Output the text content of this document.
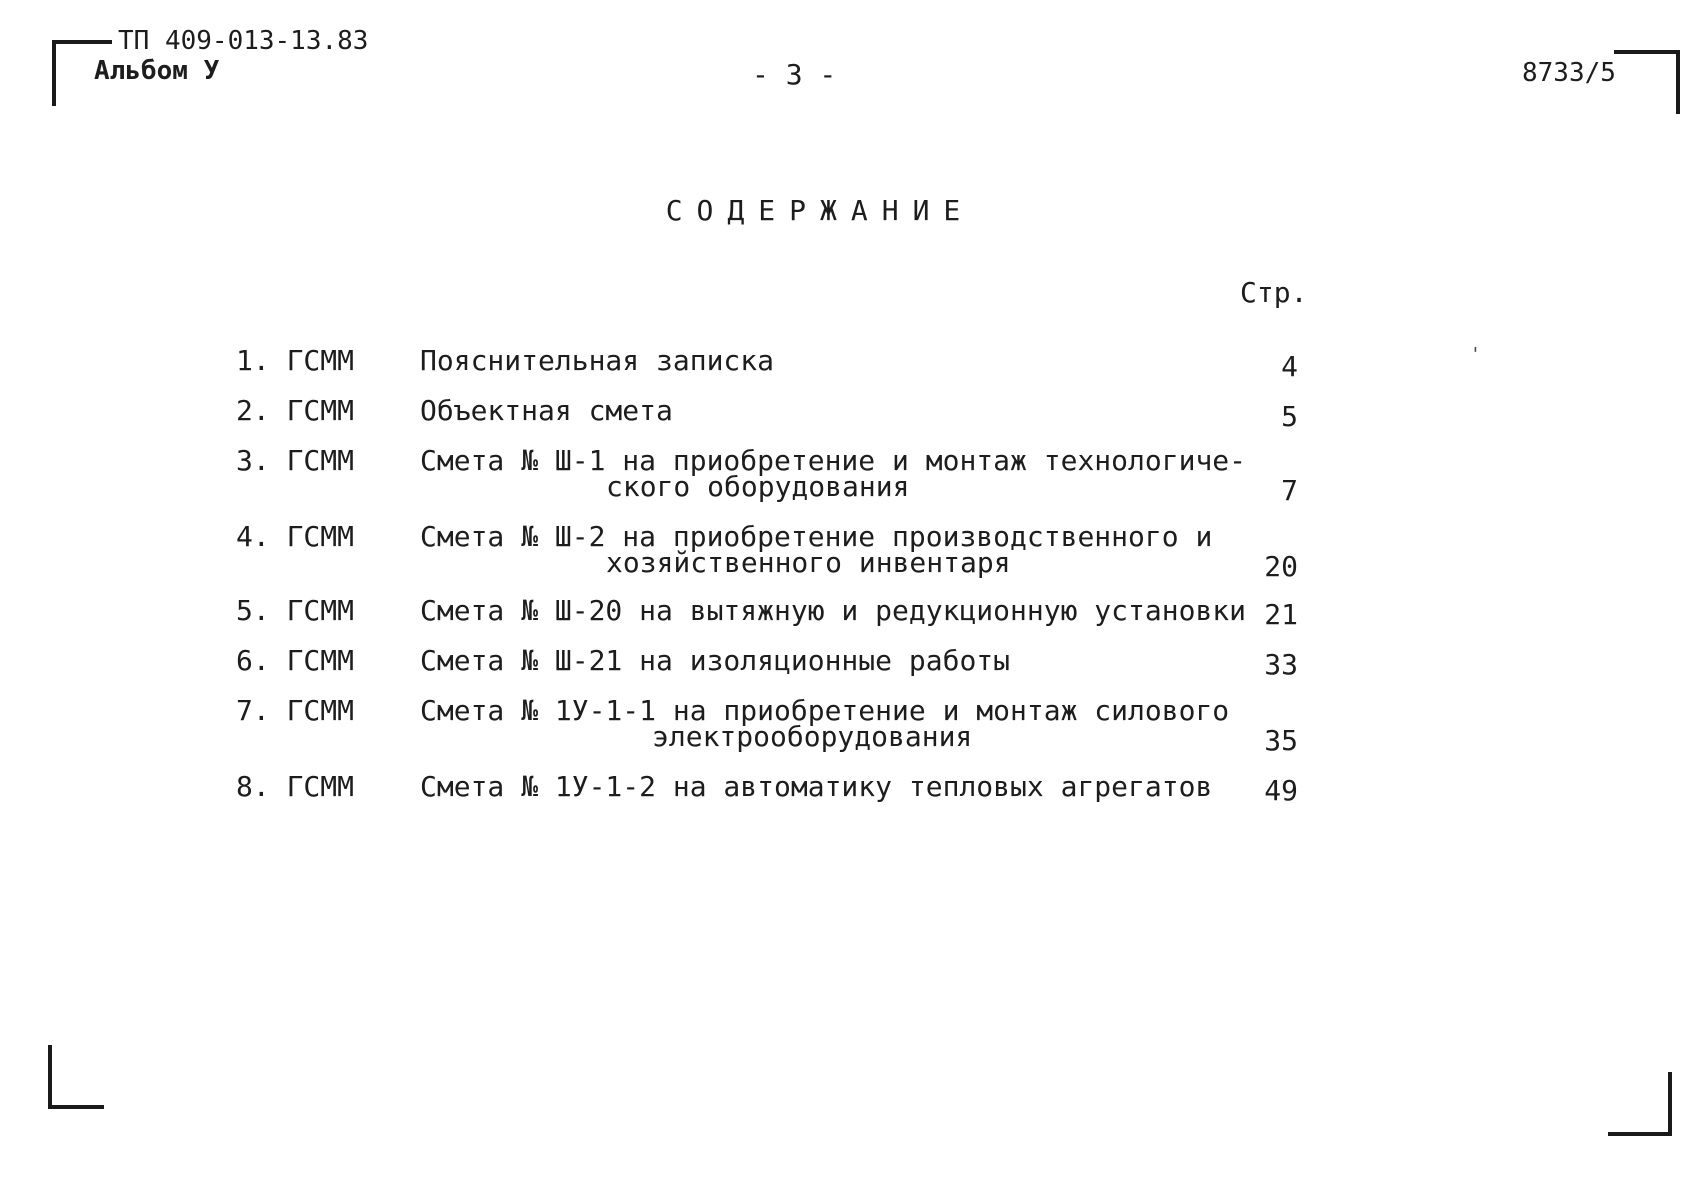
ТП 409-013-13.83
Альбом У	- 3 -	8733/5
СОДЕРЖАНИЕ
Стр.
'
1. ГСММ Пояснительная записка	4
2. ГСММ Объектная смета	5
3. ГСММ Смета № Ш-1 на приобретение и монтаж технологиче-
ского оборудования	7
4. ГСММ Смета № Ш-2 на приобретение производственного и
хозяйственного инвентаря	20
5. ГСММ Смета № Ш-20 на вытяжную и редукционную установки 21
6. ГСММ Смета № Ш-21 на изоляционные работы	33
7. ГСММ Смета № 1У-1-1 на приобретение и монтаж силового
электрооборудования	35
8. ГСММ Смета № 1У-1-2 на автоматику тепловых агрегатов 49
